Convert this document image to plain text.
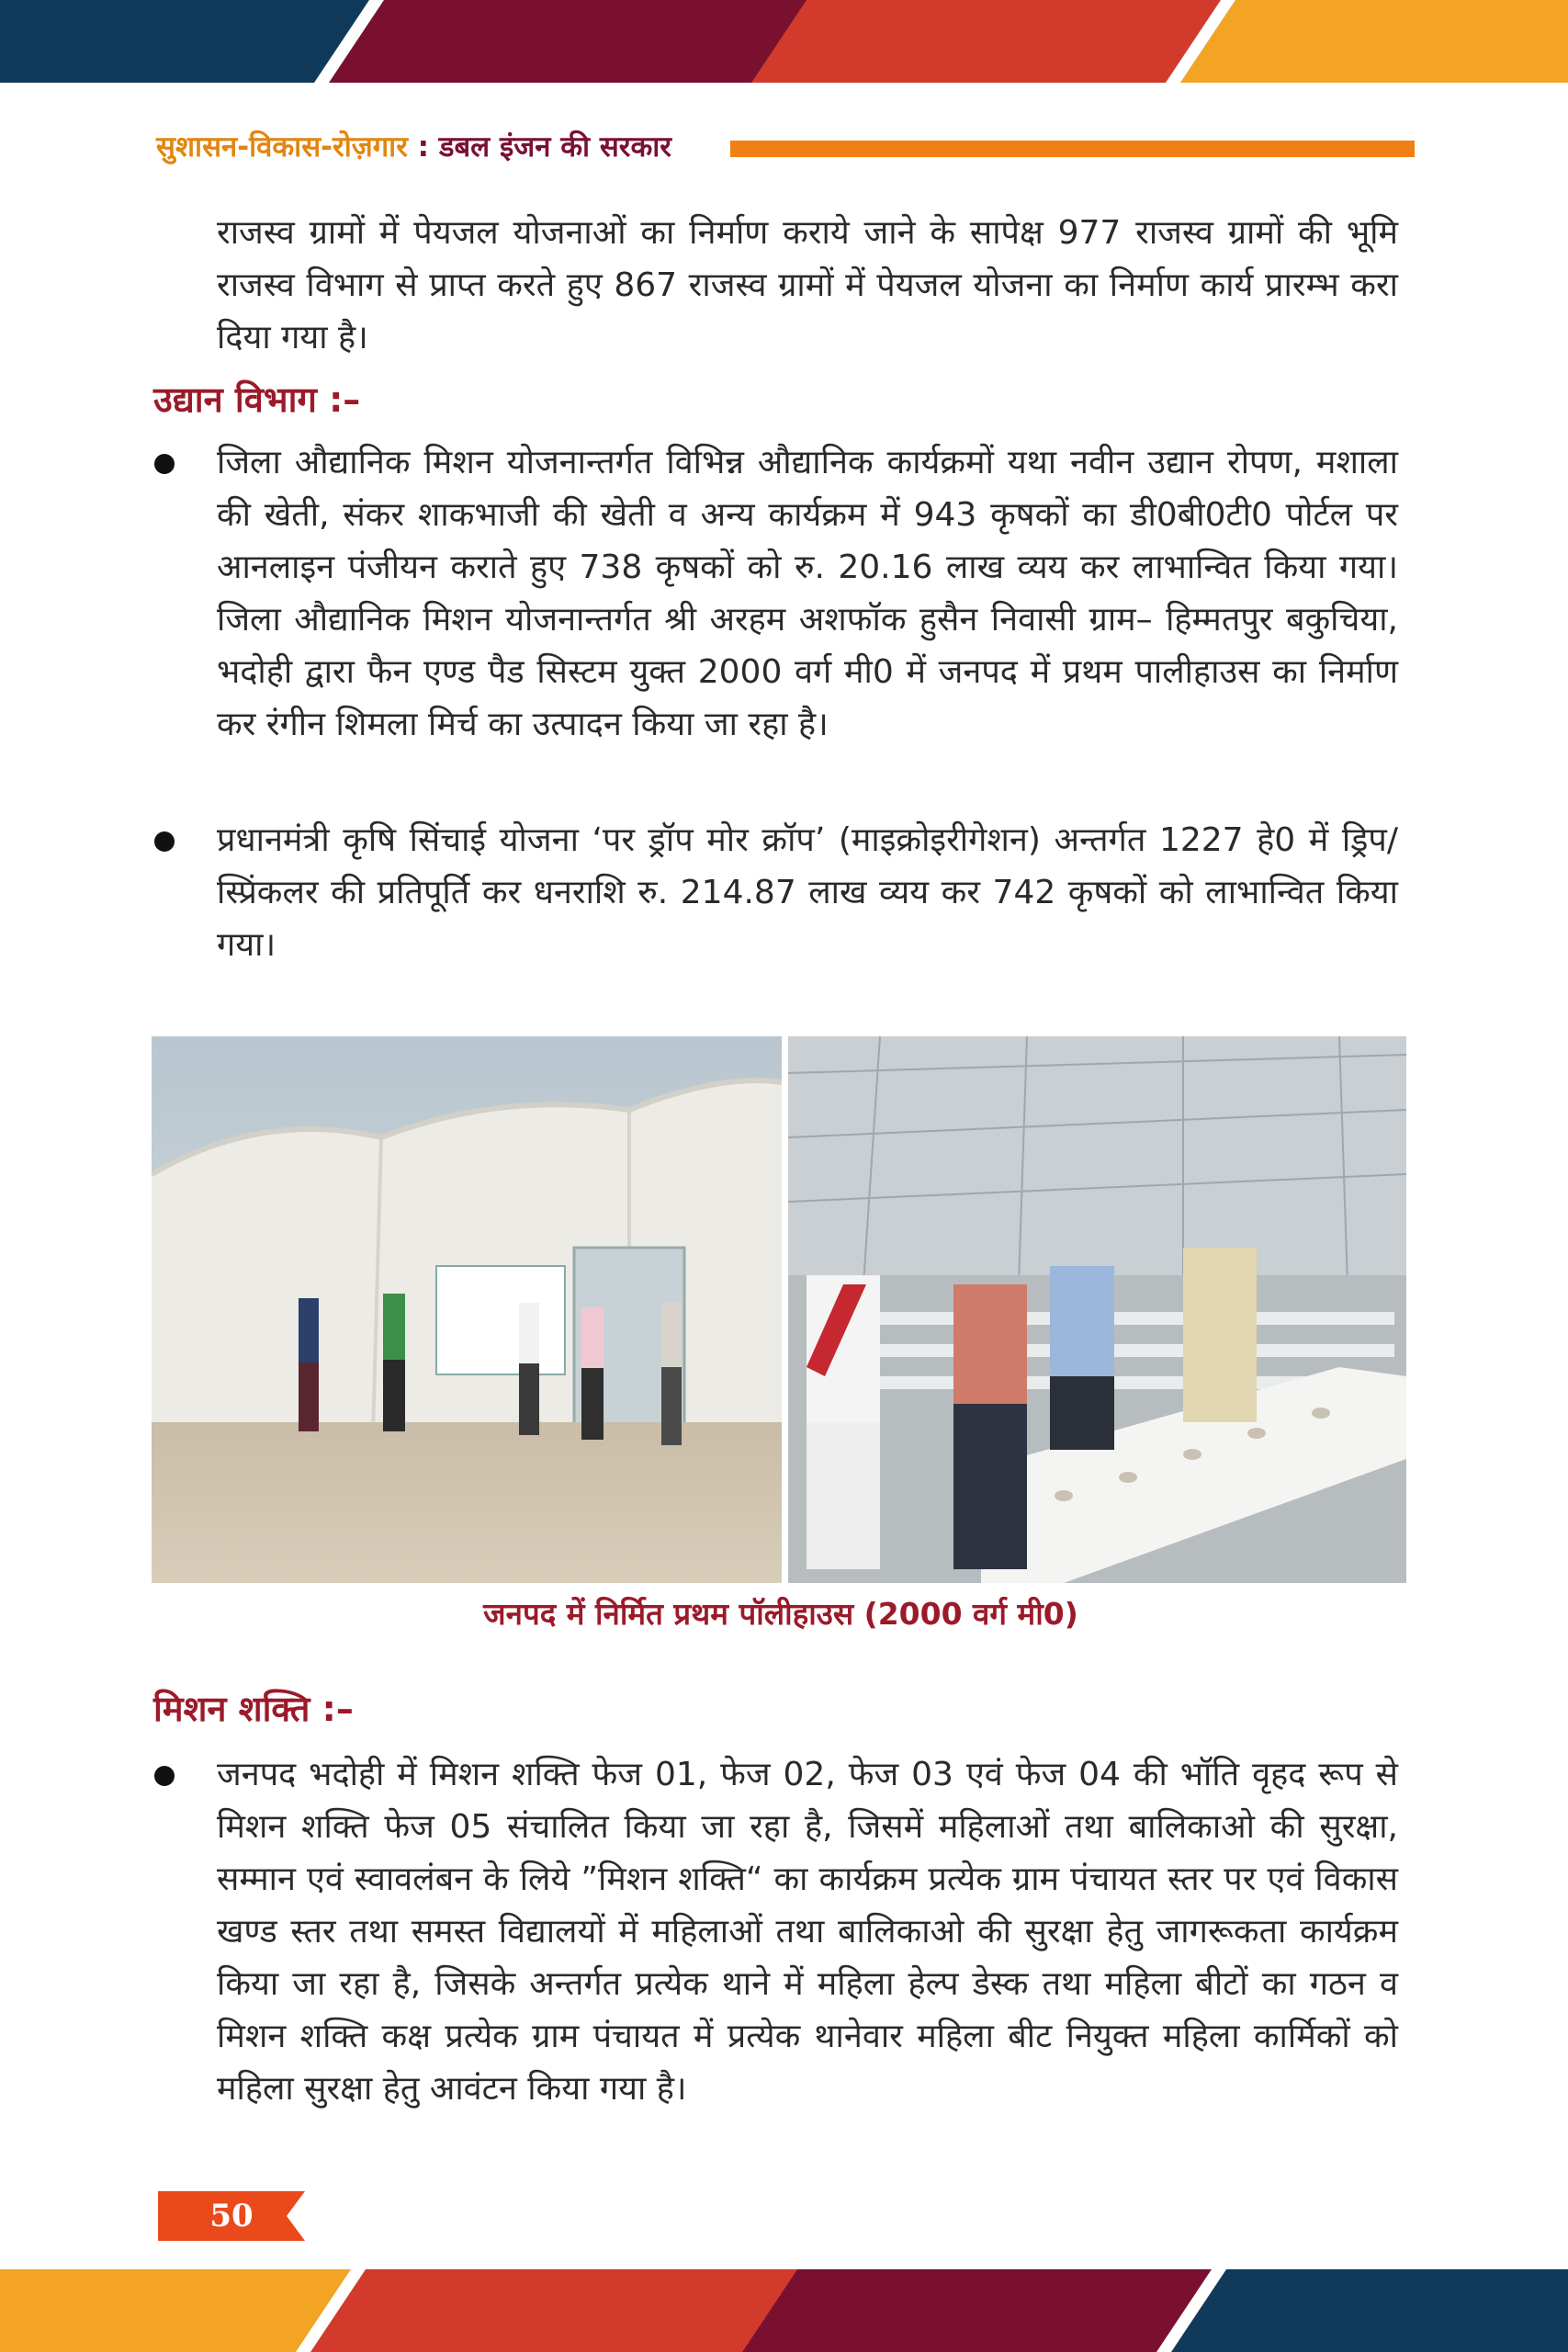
सुशासन-विकास-रोज़गार : डबल इंजन की सरकार
राजस्व ग्रामों में पेयजल योजनाओं का निर्माण कराये जाने के सापेक्ष 977 राजस्व ग्रामों की भूमि राजस्व विभाग से प्राप्त करते हुए 867 राजस्व ग्रामों में पेयजल योजना का निर्माण कार्य प्रारम्भ करा दिया गया है।
उद्यान विभाग :–
जिला औद्यानिक मिशन योजनान्तर्गत विभिन्न औद्यानिक कार्यक्रमों यथा नवीन उद्यान रोपण, मशाला की खेती, संकर शाकभाजी की खेती व अन्य कार्यक्रम में 943 कृषकों का डी0बी0टी0 पोर्टल पर आनलाइन पंजीयन कराते हुए 738 कृषकों को रु. 20.16 लाख व्यय कर लाभान्वित किया गया। जिला औद्यानिक मिशन योजनान्तर्गत श्री अरहम अशफॉक हुसैन निवासी ग्राम– हिम्मतपुर बकुचिया, भदोही द्वारा फैन एण्ड पैड सिस्टम युक्त 2000 वर्ग मी0 में जनपद में प्रथम पालीहाउस का निर्माण कर रंगीन शिमला मिर्च का उत्पादन किया जा रहा है।
प्रधानमंत्री कृषि सिंचाई योजना ‘पर ड्रॉप मोर क्रॉप’ (माइक्रोइरीगेशन) अन्तर्गत 1227 हे0 में ड्रिप/स्प्रिंकलर की प्रतिपूर्ति कर धनराशि रु. 214.87 लाख व्यय कर 742 कृषकों को लाभान्वित किया गया।
जनपद में निर्मित प्रथम पॉलीहाउस (2000 वर्ग मी0)
मिशन शक्ति :–
जनपद भदोही में मिशन शक्ति फेज 01, फेज 02, फेज 03 एवं फेज 04 की भॉति वृहद रूप से मिशन शक्ति फेज 05 संचालित किया जा रहा है, जिसमें महिलाओं तथा बालिकाओ की सुरक्षा, सम्मान एवं स्वावलंबन के लिये ”मिशन शक्ति“ का कार्यक्रम प्रत्येक ग्राम पंचायत स्तर पर एवं विकास खण्ड स्तर तथा समस्त विद्यालयों में महिलाओं तथा बालिकाओ की सुरक्षा हेतु जागरूकता कार्यक्रम किया जा रहा है, जिसके अन्तर्गत प्रत्येक थाने में महिला हेल्प डेस्क तथा महिला बीटों का गठन व मिशन शक्ति कक्ष प्रत्येक ग्राम पंचायत में प्रत्येक थानेवार महिला बीट नियुक्त महिला कार्मिकों को महिला सुरक्षा हेतु आवंटन किया गया है।
50
